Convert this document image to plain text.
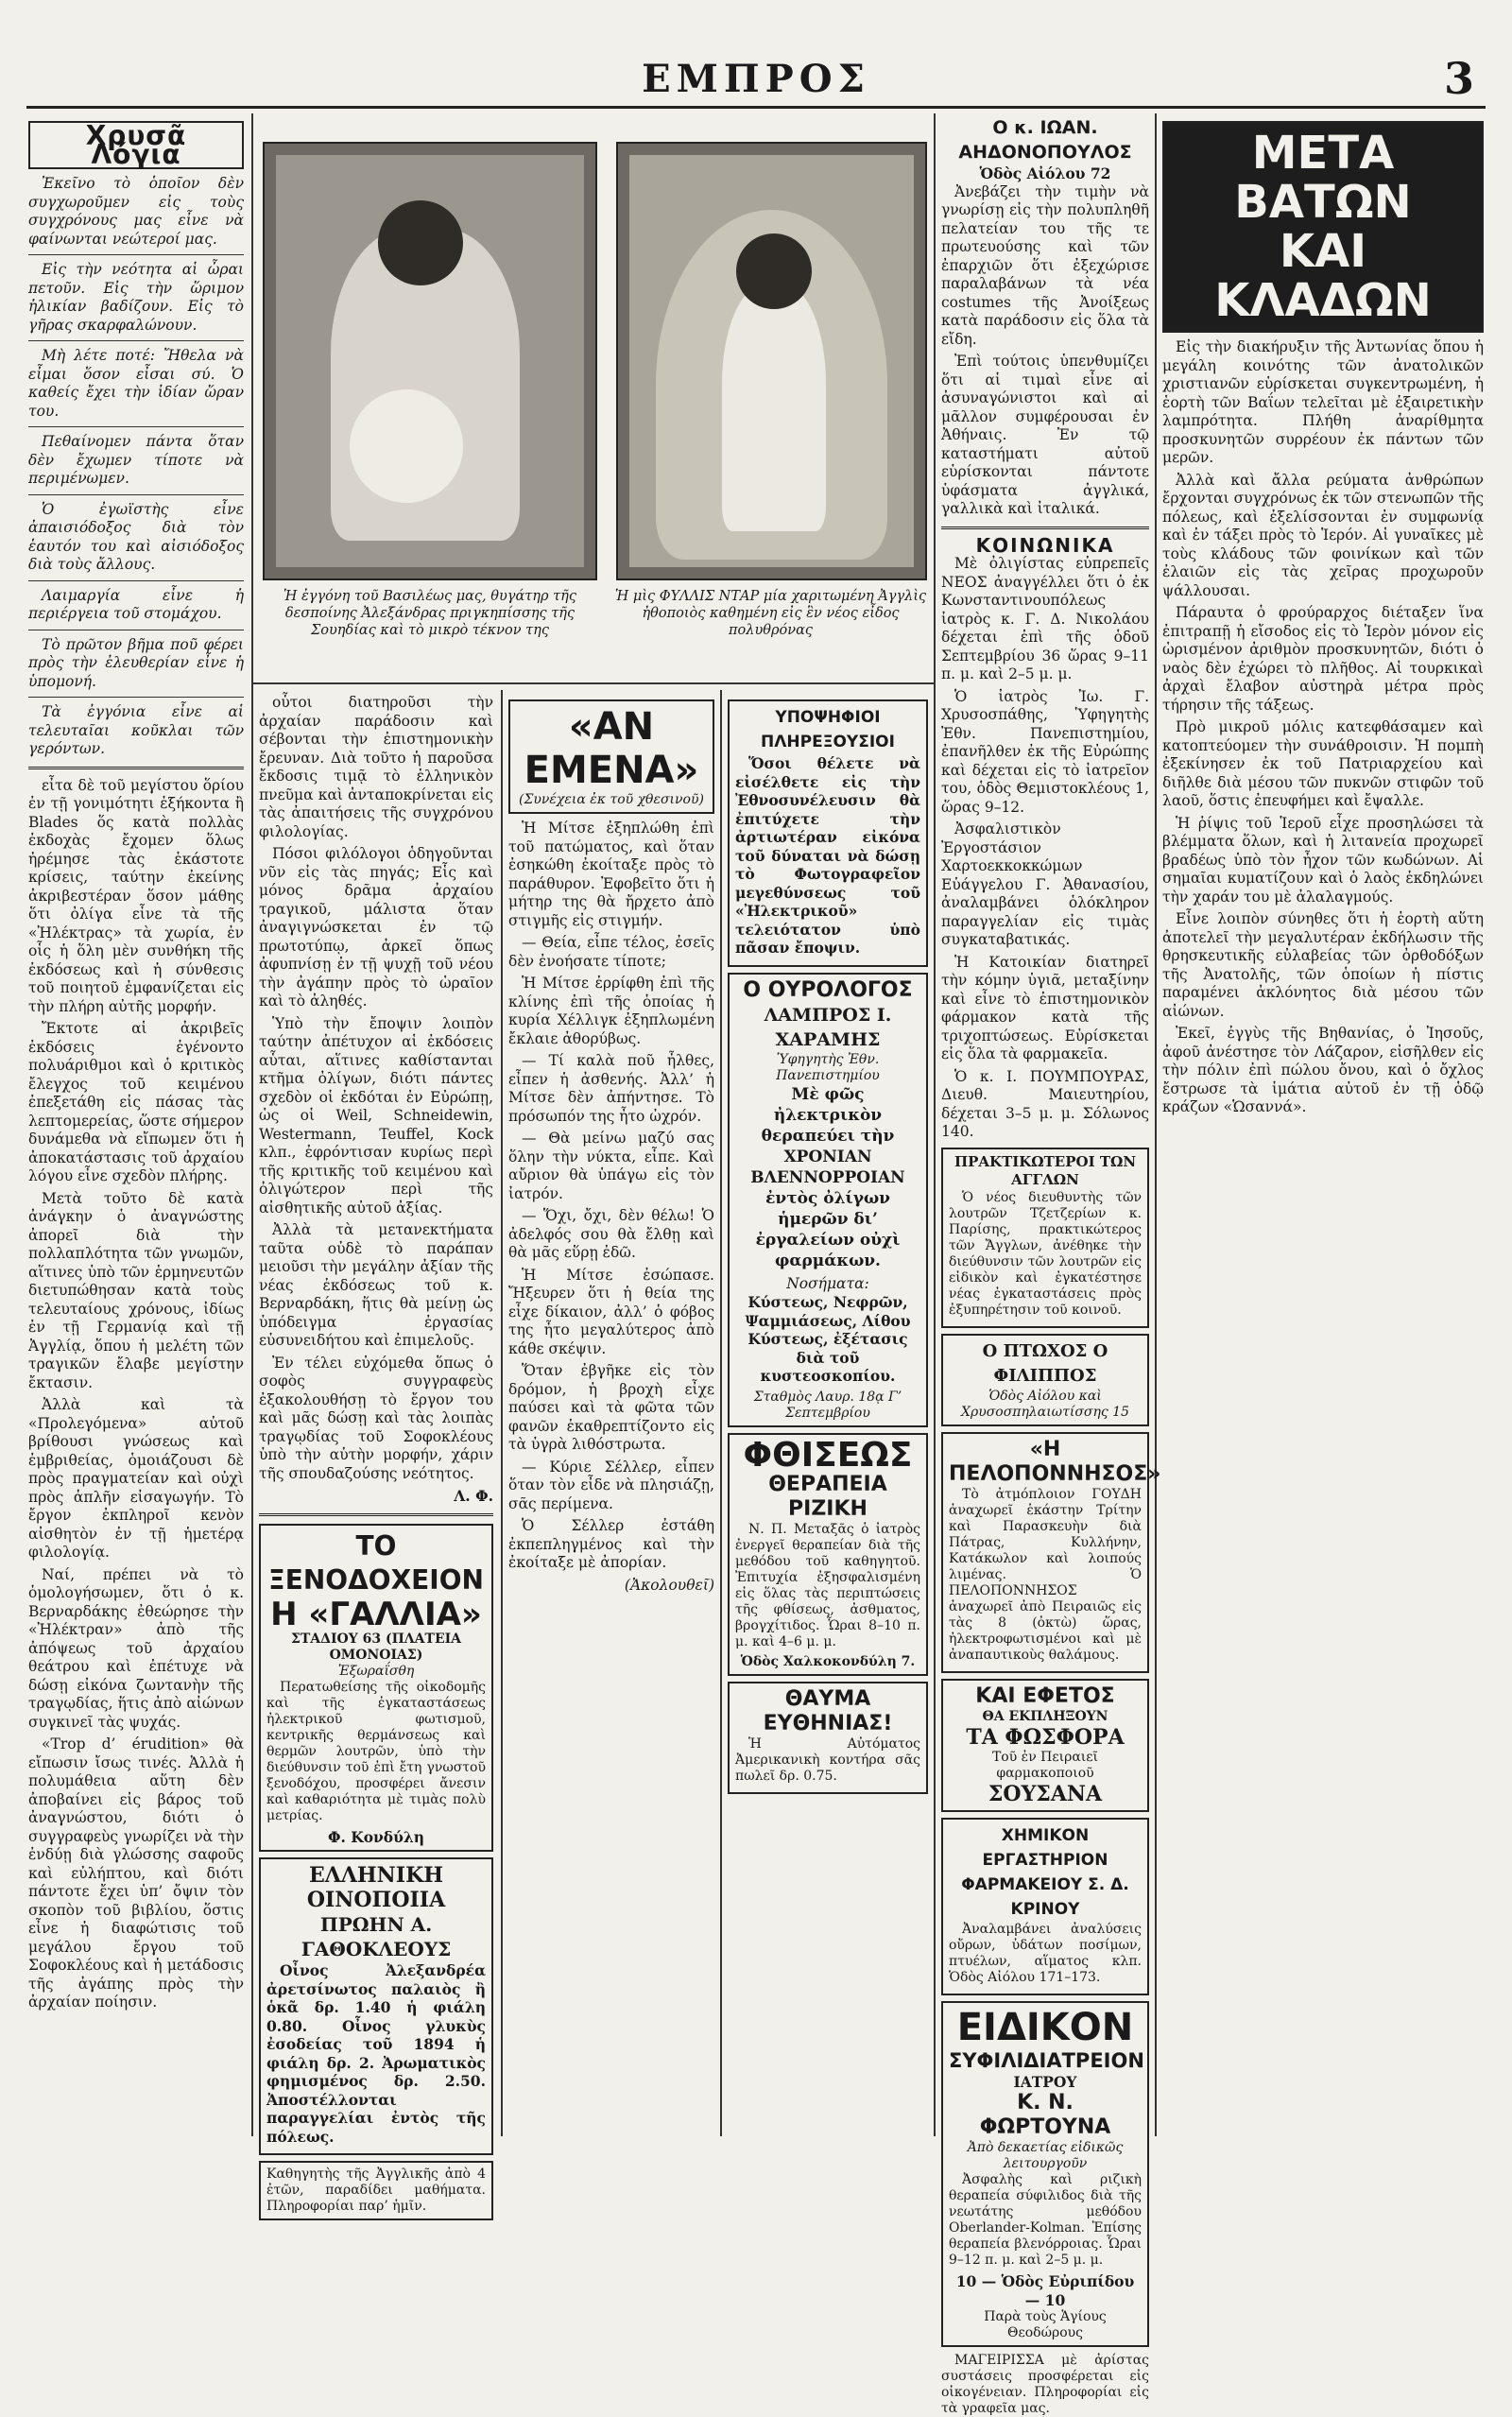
ΕΜΠΡΟΣ	3
Χρυσᾶ Λόγια

Ἐκεῖνο τὸ ὁποῖον δὲν συγχωροῦμεν εἰς τοὺς συγχρόνους μας εἶνε νὰ φαίνωνται νεώτεροί μας.

Εἰς τὴν νεότητα αἱ ὧραι πετοῦν. Εἰς τὴν ὥριμον ἡλικίαν βαδίζουν. Εἰς τὸ γῆρας σκαρφαλώνουν.

Μὴ λέτε ποτέ: Ἤθελα νὰ εἶμαι ὅσον εἶσαι σύ. Ὁ καθείς ἔχει τὴν ἰδίαν ὥραν του.

Πεθαίνομεν πάντα ὅταν δὲν ἔχωμεν τίποτε νὰ περιμένωμεν.

Ὁ ἐγωϊστὴς εἶνε ἀπαισιόδοξος διὰ τὸν ἑαυτόν του καὶ αἰσιόδοξος διὰ τοὺς ἄλλους.

Λαιμαργία εἶνε ἡ περιέργεια τοῦ στομάχου.

Τὸ πρῶτον βῆμα ποῦ φέρει πρὸς τὴν ἐλευθερίαν εἶνε ἡ ὑπομονή.

Τὰ ἐγγόνια εἶνε αἱ τελευταῖαι κοῦκλαι τῶν γερόντων.

εἶτα δὲ τοῦ μεγίστου ὅρίου ἐν τῇ γονιμότητι ἐξήκοντα ἢ Blades ὅς κατὰ πολλὰς ἐκδοχὰς ἔχομεν ὅλως ἠρέμησε τὰς ἑκάστοτε κρίσεις, ταύτην ἐκείνης ἀκριβεστέραν ὅσον μάθης ὅτι ὀλίγα εἶνε τὰ τῆς «Ἠλέκτρας» τὰ χωρία, ἐν οἷς ἡ ὅλη μὲν συνθήκη τῆς ἐκδόσεως καὶ ἡ σύνθεσις τοῦ ποιητοῦ ἐμφανίζεται εἰς τὴν πλήρη αὐτῆς μορφήν.

Ἔκτοτε αἱ ἀκριβεῖς ἐκδόσεις ἐγένοντο πολυάριθμοι καὶ ὁ κριτικὸς ἔλεγχος τοῦ κειμένου ἐπεξετάθη εἰς πάσας τὰς λεπτομερείας, ὥστε σήμερον δυνάμεθα νὰ εἴπωμεν ὅτι ἡ ἀποκατάστασις τοῦ ἀρχαίου λόγου εἶνε σχεδὸν πλήρης.

Μετὰ τοῦτο δὲ κατὰ ἀνάγκην ὁ ἀναγνώστης ἀπορεῖ διὰ τὴν πολλαπλότητα τῶν γνωμῶν, αἵτινες ὑπὸ τῶν ἑρμηνευτῶν διετυπώθησαν κατὰ τοὺς τελευταίους χρόνους, ἰδίως ἐν τῇ Γερμανίᾳ καὶ τῇ Ἀγγλίᾳ, ὅπου ἡ μελέτη τῶν τραγικῶν ἔλαβε μεγίστην ἔκτασιν.

Ἀλλὰ καὶ τὰ «Προλεγόμενα» αὐτοῦ βρίθουσι γνώσεως καὶ ἐμβριθείας, ὁμοιάζουσι δὲ πρὸς πραγματείαν καὶ οὐχὶ πρὸς ἁπλῆν εἰσαγωγήν. Τὸ ἔργον ἐκπληροῖ κενὸν αἰσθητὸν ἐν τῇ ἡμετέρᾳ φιλολογίᾳ.

Ναί, πρέπει νὰ τὸ ὁμολογήσωμεν, ὅτι ὁ κ. Βερναρδάκης ἐθεώρησε τὴν «Ἠλέκτραν» ἀπὸ τῆς ἀπόψεως τοῦ ἀρχαίου θεάτρου καὶ ἐπέτυχε νὰ δώσῃ εἰκόνα ζωντανὴν τῆς τραγῳδίας, ἥτις ἀπὸ αἰώνων συγκινεῖ τὰς ψυχάς.

«Trop d’ érudition» θὰ εἴπωσιν ἴσως τινές. Ἀλλὰ ἡ πολυμάθεια αὕτη δὲν ἀποβαίνει εἰς βάρος τοῦ ἀναγνώστου, διότι ὁ συγγραφεὺς γνωρίζει νὰ τὴν ἐνδύῃ διὰ γλώσσης σαφοῦς καὶ εὐλήπτου, καὶ διότι πάντοτε ἔχει ὑπ’ ὄψιν τὸν σκοπὸν τοῦ βιβλίου, ὅστις εἶνε ἡ διαφώτισις τοῦ μεγάλου ἔργου τοῦ Σοφοκλέους καὶ ἡ μετάδοσις τῆς ἀγάπης πρὸς τὴν ἀρχαίαν ποίησιν.

Ἡ ἐγγόνη τοῦ Βασιλέως μας, θυγάτηρ τῆς δεσποίνης Ἀλεξάνδρας πριγκηπίσσης τῆς Σουηδίας καὶ τὸ μικρὸ τέκνον της
Ἡ μὶς ΦΥΛΛΙΣ ΝΤΑΡ μία χαριτωμένη Ἀγγλὶς ἠθοποιὸς καθημένη εἰς ἓν νέος εἶδος πολυθρόνας

οὗτοι διατηροῦσι τὴν ἀρχαίαν παράδοσιν καὶ σέβονται τὴν ἐπιστημονικὴν ἔρευναν. Διὰ τοῦτο ἡ παροῦσα ἔκδοσις τιμᾷ τὸ ἑλληνικὸν πνεῦμα καὶ ἀνταποκρίνεται εἰς τὰς ἀπαιτήσεις τῆς συγχρόνου φιλολογίας.

Πόσοι φιλόλογοι ὁδηγοῦνται νῦν εἰς τὰς πηγάς; Εἷς καὶ μόνος δρᾶμα ἀρχαίου τραγικοῦ, μάλιστα ὅταν ἀναγιγνώσκεται ἐν τῷ πρωτοτύπῳ, ἀρκεῖ ὅπως ἀφυπνίσῃ ἐν τῇ ψυχῇ τοῦ νέου τὴν ἀγάπην πρὸς τὸ ὡραῖον καὶ τὸ ἀληθές.

Ὑπὸ τὴν ἔποψιν λοιπὸν ταύτην ἀπέτυχον αἱ ἐκδόσεις αὗται, αἵτινες καθίστανται κτῆμα ὀλίγων, διότι πάντες σχεδὸν οἱ ἐκδόται ἐν Εὐρώπῃ, ὡς οἱ Weil, Schneidewin, Westermann, Teuffel, Kock κλπ., ἐφρόντισαν κυρίως περὶ τῆς κριτικῆς τοῦ κειμένου καὶ ὀλιγώτερον περὶ τῆς αἰσθητικῆς αὐτοῦ ἀξίας.

Ἀλλὰ τὰ μετανεκτήματα ταῦτα οὐδὲ τὸ παράπαν μειοῦσι τὴν μεγάλην ἀξίαν τῆς νέας ἐκδόσεως τοῦ κ. Βερναρδάκη, ἥτις θὰ μείνῃ ὡς ὑπόδειγμα ἐργασίας εὐσυνειδήτου καὶ ἐπιμελοῦς.

Ἐν τέλει εὐχόμεθα ὅπως ὁ σοφὸς συγγραφεὺς ἐξακολουθήσῃ τὸ ἔργον του καὶ μᾶς δώσῃ καὶ τὰς λοιπὰς τραγῳδίας τοῦ Σοφοκλέους ὑπὸ τὴν αὐτὴν μορφήν, χάριν τῆς σπουδαζούσης νεότητος.

Λ. Φ.
ΤΟ ΞΕΝΟΔΟΧΕΙΟΝ
Η «ΓΑΛΛΙΑ»
ΣΤΑΔΙΟΥ 63 (ΠΛΑΤΕΙΑ ΟΜΟΝΟΙΑΣ)
Ἐξωραΐσθη

Περατωθείσης τῆς οἰκοδομῆς καὶ τῆς ἐγκαταστάσεως ἠλεκτρικοῦ φωτισμοῦ, κεντρικῆς θερμάνσεως καὶ θερμῶν λουτρῶν, ὑπὸ τὴν διεύθυνσιν τοῦ ἐπὶ ἔτη γνωστοῦ ξενοδόχου, προσφέρει ἄνεσιν καὶ καθαριότητα μὲ τιμὰς πολὺ μετρίας.

Φ. Κονδύλη
ΕΛΛΗΝΙΚΗ ΟΙΝΟΠΟΙΙΑ
ΠΡΩΗΝ Α. ΓΑΘΟΚΛΕΟΥΣ

Οἶνος Ἀλεξανδρέα ἀρετσίνωτος παλαιὸς ἢ ὁκᾶ δρ. 1.40 ἡ φιάλη 0.80. Οἶνος γλυκὺς ἐσοδείας τοῦ 1894 ἡ φιάλη δρ. 2. Ἀρωματικὸς φημισμένος δρ. 2.50. Ἀποστέλλονται παραγγελίαι ἐντὸς τῆς πόλεως.

Καθηγητὴς τῆς Ἀγγλικῆς ἀπὸ 4 ἐτῶν, παραδίδει μαθήματα. Πληροφορίαι παρ’ ἡμῖν.
«ΑΝ ΕΜΕΝΑ»
(Συνέχεια ἐκ τοῦ χθεσινοῦ)

Ἡ Μίτσε ἐξηπλώθη ἐπὶ τοῦ πατώματος, καὶ ὅταν ἐσηκώθη ἐκοίταξε πρὸς τὸ παράθυρον. Ἐφοβεῖτο ὅτι ἡ μήτηρ της θὰ ἤρχετο ἀπὸ στιγμῆς εἰς στιγμήν.

— Θεία, εἶπε τέλος, ἐσεῖς δὲν ἐνοήσατε τίποτε;

Ἡ Μίτσε ἐρρίφθη ἐπὶ τῆς κλίνης ἐπὶ τῆς ὁποίας ἡ κυρία Χέλλιγκ ἐξηπλωμένη ἔκλαιε ἀθορύβως.

— Τί καλὰ ποῦ ἦλθες, εἶπεν ἡ ἀσθενής. Ἀλλ’ ἡ Μίτσε δὲν ἀπήντησε. Τὸ πρόσωπόν της ἦτο ὠχρόν.

— Θὰ μείνω μαζύ σας ὅλην τὴν νύκτα, εἶπε. Καὶ αὔριον θὰ ὑπάγω εἰς τὸν ἰατρόν.

— Ὅχι, ὄχι, δὲν θέλω! Ὁ ἀδελφός σου θὰ ἔλθῃ καὶ θὰ μᾶς εὕρῃ ἐδῶ.

Ἡ Μίτσε ἐσώπασε. Ἤξευρεν ὅτι ἡ θεία της εἶχε δίκαιον, ἀλλ’ ὁ φόβος της ἦτο μεγαλύτερος ἀπὸ κάθε σκέψιν.

Ὅταν ἐβγῆκε εἰς τὸν δρόμον, ἡ βροχὴ εἶχε παύσει καὶ τὰ φῶτα τῶν φανῶν ἐκαθρεπτίζοντο εἰς τὰ ὑγρὰ λιθόστρωτα.

— Κύριε Σέλλερ, εἶπεν ὅταν τὸν εἶδε νὰ πλησιάζῃ, σᾶς περίμενα.

Ὁ Σέλλερ ἐστάθη ἐκπεπληγμένος καὶ τὴν ἐκοίταξε μὲ ἀπορίαν.

(Ἀκολουθεῖ)
ΥΠΟΨΗΦΙΟΙ ΠΛΗΡΕΞΟΥΣΙΟΙ

Ὅσοι θέλετε νὰ εἰσέλθετε εἰς τὴν Ἐθνοσυνέλευσιν θὰ ἐπιτύχετε τὴν ἀρτιωτέραν εἰκόνα τοῦ δύναται νὰ δώσῃ τὸ Φωτογραφεῖον μεγεθύνσεως τοῦ «Ἠλεκτρικοῦ» τελειότατον ὑπὸ πᾶσαν ἔποψιν.

Ο ΟΥΡΟΛΟΓΟΣ
ΛΑΜΠΡΟΣ Ι. ΧΑΡΑΜΗΣ
Ὑφηγητὴς Ἐθν. Πανεπιστημίου

Μὲ φῶς ἠλεκτρικὸν θεραπεύει τὴν ΧΡΟΝΙΑΝ ΒΛΕΝΝΟΡΡΟΙΑΝ ἐντὸς ὀλίγων ἡμερῶν δι’ ἐργαλείων οὐχὶ φαρμάκων.

Νοσήματα:

Κύστεως, Νεφρῶν, Ψαμμιάσεως, Λίθου Κύστεως, ἐξέτασις διὰ τοῦ κυστεοσκοπίου.

Σταθμὸς Λαυρ. 18ᾳ Γ’ Σεπτεμβρίου
ΦΘΙΣΕΩΣ
ΘΕΡΑΠΕΙΑ ΡΙΖΙΚΗ

Ν. Π. Μεταξᾶς ὁ ἰατρὸς ἐνεργεῖ θεραπείαν διὰ τῆς μεθόδου τοῦ καθηγητοῦ. Ἐπιτυχία ἐξησφαλισμένη εἰς ὅλας τὰς περιπτώσεις τῆς φθίσεως, ἀσθματος, βρογχίτιδος. Ὧραι 8–10 π. μ. καὶ 4–6 μ. μ.

Ὁδὸς Χαλκοκονδύλη 7.
ΘΑΥΜΑ ΕΥΘΗΝΙΑΣ!

Ἡ Αὐτόματος Ἀμερικανικὴ κοντήρα σᾶς πωλεῖ δρ. 0.75.

Ο κ. ΙΩΑΝ. ΑΗΔΟΝΟΠΟΥΛΟΣ
Ὁδὸς Αἰόλου 72

Ἀνεβάζει τὴν τιμὴν νὰ γνωρίσῃ εἰς τὴν πολυπληθῆ πελατείαν του τῆς τε πρωτευούσης καὶ τῶν ἐπαρχιῶν ὅτι ἐξεχώρισε παραλαβάνων τὰ νέα costumes τῆς Ἀνοίξεως κατὰ παράδοσιν εἰς ὅλα τὰ εἴδη.

Ἐπὶ τούτοις ὑπενθυμίζει ὅτι αἱ τιμαὶ εἶνε αἱ ἀσυναγώνιστοι καὶ αἱ μᾶλλον συμφέρουσαι ἐν Ἀθήναις. Ἐν τῷ καταστήματι αὐτοῦ εὑρίσκονται πάντοτε ὑφάσματα ἀγγλικά, γαλλικὰ καὶ ἰταλικά.

ΚΟΙΝΩΝΙΚΑ

Μὲ ὀλιγίστας εὐπρεπεῖς ΝΕΟΣ ἀναγγέλλει ὅτι ὁ ἐκ Κωνσταντινουπόλεως ἰατρὸς κ. Γ. Δ. Νικολάου δέχεται ἐπὶ τῆς ὁδοῦ Σεπτεμβρίου 36 ὥρας 9–11 π. μ. καὶ 2–5 μ. μ.

Ὁ ἰατρὸς Ἰω. Γ. Χρυσοσπάθης, Ὑφηγητὴς Ἐθν. Πανεπιστημίου, ἐπανῆλθεν ἐκ τῆς Εὐρώπης καὶ δέχεται εἰς τὸ ἰατρεῖον του, ὁδὸς Θεμιστοκλέους 1, ὥρας 9–12.

Ἀσφαλιστικὸν Ἐργοστάσιον Χαρτοεκκοκκώμων Εὐάγγελου Γ. Ἀθανασίου, ἀναλαμβάνει ὁλόκληρον παραγγελίαν εἰς τιμὰς συγκαταβατικάς.

Ἡ Κατοικίαν διατηρεῖ τὴν κόμην ὑγιᾶ, μεταξίνην καὶ εἶνε τὸ ἐπιστημονικὸν φάρμακον κατὰ τῆς τριχοπτώσεως. Εὑρίσκεται εἰς ὅλα τὰ φαρμακεῖα.

Ὁ κ. Ι. ΠΟΥΜΠΟΥΡΑΣ, Διευθ. Μαιευτηρίου, δέχεται 3–5 μ. μ. Σόλωνος 140.

ΠΡΑΚΤΙΚΩΤΕΡΟΙ ΤΩΝ ΑΓΓΛΩΝ

Ὁ νέος διευθυντὴς τῶν λουτρῶν Τζετζερίων κ. Παρίσης, πρακτικώτερος τῶν Ἄγγλων, ἀνέθηκε τὴν διεύθυνσιν τῶν λουτρῶν εἰς εἰδικὸν καὶ ἐγκατέστησε νέας ἐγκαταστάσεις πρὸς ἐξυπηρέτησιν τοῦ κοινοῦ.

Ο ΠΤΩΧΟΣ Ο ΦΙΛΙΠΠΟΣ
Ὁδὸς Αἰόλου καὶ Χρυσοσπηλαιωτίσσης 15
«Η ΠΕΛΟΠΟΝΝΗΣΟΣ»

Τὸ ἀτμόπλοιον ΓΟΥΔΗ ἀναχωρεῖ ἑκάστην Τρίτην καὶ Παρασκευὴν διὰ Πάτρας, Κυλλήνην, Κατάκωλον καὶ λοιπούς λιμένας. Ὁ ΠΕΛΟΠΟΝΝΗΣΟΣ ἀναχωρεῖ ἀπὸ Πειραιῶς εἰς τὰς 8 (ὀκτὼ) ὥρας, ἠλεκτροφωτισμένοι καὶ μὲ ἀναπαυτικοὺς θαλάμους.

ΚΑΙ ΕΦΕΤΟΣ
ΘΑ ΕΚΠΛΗΞΟΥΝ
ΤΑ ΦΩΣΦΟΡΑ
Τοῦ ἐν Πειραιεῖ φαρμακοποιοῦ
ΣΟΥΣΑΝΑ
ΧΗΜΙΚΟΝ ΕΡΓΑΣΤΗΡΙΟΝ
ΦΑΡΜΑΚΕΙΟΥ Σ. Δ. ΚΡΙΝΟΥ

Ἀναλαμβάνει ἀναλύσεις οὔρων, ὑδάτων ποσίμων, πτυέλων, αἵματος κλπ. Ὁδὸς Αἰόλου 171–173.

ΕΙΔΙΚΟΝ
ΣΥΦΙΛΙΔΙΑΤΡΕΙΟΝ
ΙΑΤΡΟΥ
Κ. Ν. ΦΩΡΤΟΥΝΑ
Ἀπὸ δεκαετίας εἰδικῶς λειτουργοῦν

Ἀσφαλὴς καὶ ριζικὴ θεραπεία σύφιλιδος διὰ τῆς νεωτάτης μεθόδου Oberlander-Kolman. Ἐπίσης θεραπεία βλενόρροιας. Ὧραι 9–12 π. μ. καὶ 2–5 μ. μ.

10 — Ὁδὸς Εὐριπίδου — 10
Παρὰ τοὺς Ἁγίους Θεοδώρους

ΜΑΓΕΙΡΙΣΣΑ μὲ ἀρίστας συστάσεις προσφέρεται εἰς οἰκογένειαν. Πληροφορίαι εἰς τὰ γραφεῖα μας.

ΜΕΤΑ ΒΑΤΩΝ
ΚΑΙ ΚΛΑΔΩΝ

Εἰς τὴν διακήρυξιν τῆς Ἀντωνίας ὅπου ἡ μεγάλη κοινότης τῶν ἀνατολικῶν χριστιανῶν εὑρίσκεται συγκεντρωμένη, ἡ ἑορτὴ τῶν Βαΐων τελεῖται μὲ ἐξαιρετικὴν λαμπρότητα. Πλήθη ἀναρίθμητα προσκυνητῶν συρρέουν ἐκ πάντων τῶν μερῶν.

Ἀλλὰ καὶ ἄλλα ρεύματα ἀνθρώπων ἔρχονται συγχρόνως ἐκ τῶν στενωπῶν τῆς πόλεως, καὶ ἐξελίσσονται ἐν συμφωνίᾳ καὶ ἐν τάξει πρὸς τὸ Ἱερόν. Αἱ γυναῖκες μὲ τοὺς κλάδους τῶν φοινίκων καὶ τῶν ἐλαιῶν εἰς τὰς χεῖρας προχωροῦν ψάλλουσαι.

Πάραυτα ὁ φρούραρχος διέταξεν ἵνα ἐπιτραπῇ ἡ εἴσοδος εἰς τὸ Ἱερὸν μόνον εἰς ὡρισμένον ἀριθμὸν προσκυνητῶν, διότι ὁ ναὸς δὲν ἐχώρει τὸ πλῆθος. Αἱ τουρκικαὶ ἀρχαὶ ἔλαβον αὐστηρὰ μέτρα πρὸς τήρησιν τῆς τάξεως.

Πρὸ μικροῦ μόλις κατεφθάσαμεν καὶ κατοπτεύομεν τὴν συνάθροισιν. Ἡ πομπὴ ἐξεκίνησεν ἐκ τοῦ Πατριαρχείου καὶ διῆλθε διὰ μέσου τῶν πυκνῶν στιφῶν τοῦ λαοῦ, ὅστις ἐπευφήμει καὶ ἔψαλλε.

Ἡ ῥίψις τοῦ Ἱεροῦ εἶχε προσηλώσει τὰ βλέμματα ὅλων, καὶ ἡ λιτανεία προχωρεῖ βραδέως ὑπὸ τὸν ἦχον τῶν κωδώνων. Αἱ σημαῖαι κυματίζουν καὶ ὁ λαὸς ἐκδηλώνει τὴν χαράν του μὲ ἀλαλαγμούς.

Εἶνε λοιπὸν σύνηθες ὅτι ἡ ἑορτὴ αὕτη ἀποτελεῖ τὴν μεγαλυτέραν ἐκδήλωσιν τῆς θρησκευτικῆς εὐλαβείας τῶν ὀρθοδόξων τῆς Ἀνατολῆς, τῶν ὁποίων ἡ πίστις παραμένει ἀκλόνητος διὰ μέσου τῶν αἰώνων.

Ἐκεῖ, ἐγγὺς τῆς Βηθανίας, ὁ Ἰησοῦς, ἀφοῦ ἀνέστησε τὸν Λάζαρον, εἰσῆλθεν εἰς τὴν πόλιν ἐπὶ πώλου ὄνου, καὶ ὁ ὄχλος ἔστρωσε τὰ ἱμάτια αὐτοῦ ἐν τῇ ὁδῷ κράζων «Ὡσαννά».
